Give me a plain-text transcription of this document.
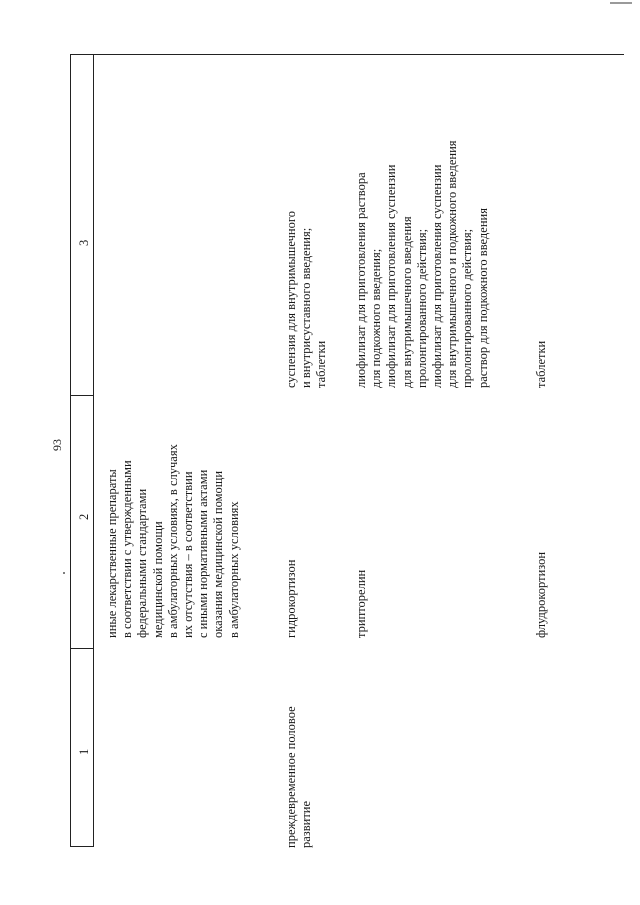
93
1
2
3
иные лекарственные препараты
в соответствии с утвержденными
федеральными стандартами
медицинской помощи
в амбулаторных условиях, в случаях
их отсутствия – в соответствии
с иными нормативными актами
оказания медицинской помощи
в амбулаторных условиях
преждевременное половое
развитие
гидрокортизон
суспензия для внутримышечного
и внутрисуставного введения;
таблетки
трипторелин
лиофилизат для приготовления раствора
для подкожного введения;
лиофилизат для приготовления суспензии
для внутримышечного введения
пролонгированного действия;
лиофилизат для приготовления суспензии
для внутримышечного и подкожного введения
пролонгированного действия;
раствор для подкожного введения
флудрокортизон
таблетки
